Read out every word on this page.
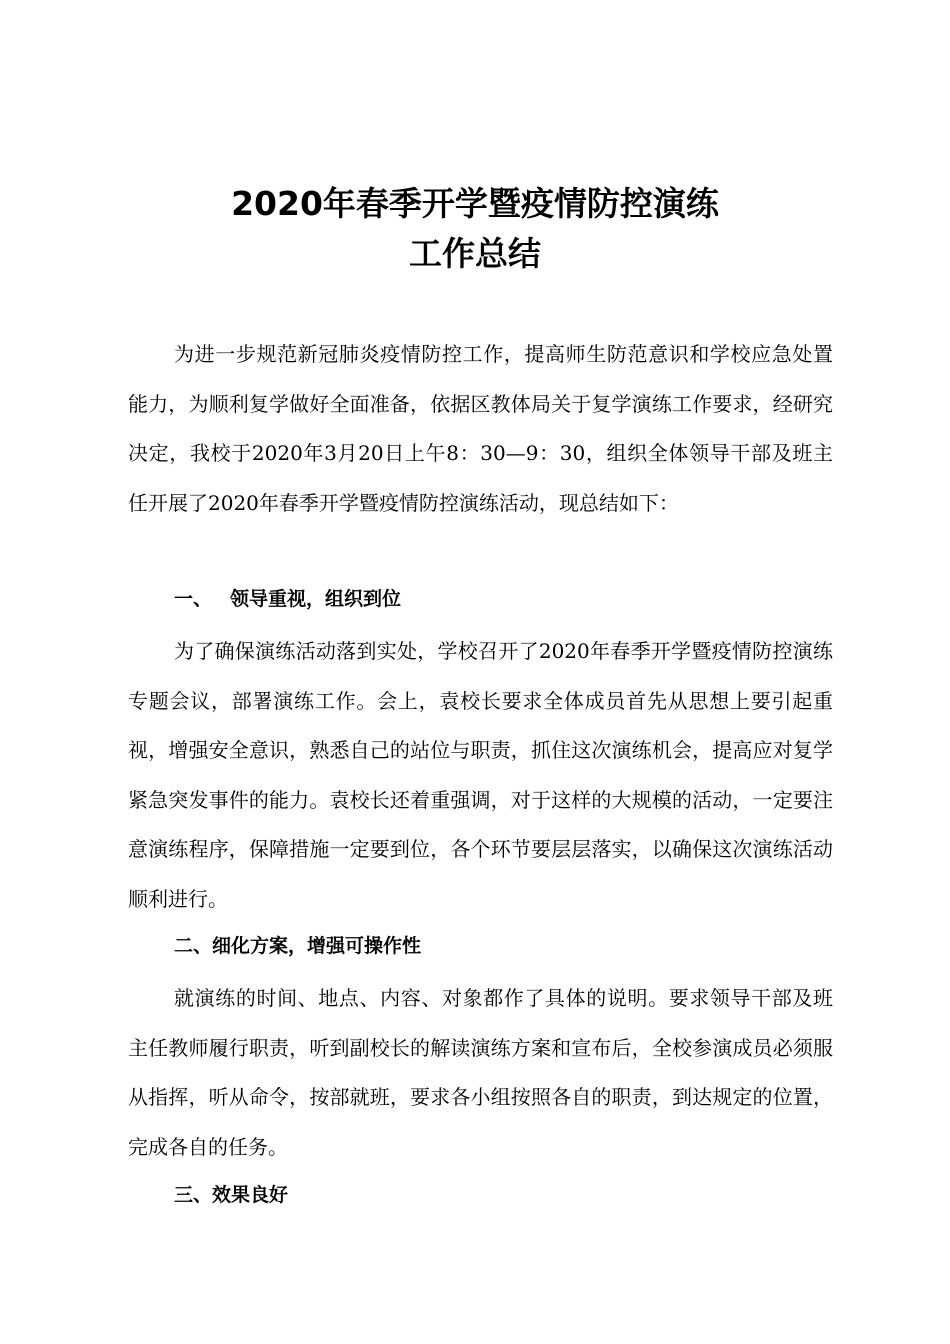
2020年春季开学暨疫情防控演练
工作总结

为进一步规范新冠肺炎疫情防控工作，提高师生防范意识和学校应急处置能力，为顺利复学做好全面准备，依据区教体局关于复学演练工作要求，经研究决定，我校于2020年3月20日上午8：30—9：30，组织全体领导干部及班主任开展了2020年春季开学暨疫情防控演练活动，现总结如下：

一、 领导重视，组织到位

为了确保演练活动落到实处，学校召开了2020年春季开学暨疫情防控演练专题会议，部署演练工作。会上，袁校长要求全体成员首先从思想上要引起重视，增强安全意识，熟悉自己的站位与职责，抓住这次演练机会，提高应对复学紧急突发事件的能力。袁校长还着重强调，对于这样的大规模的活动，一定要注意演练程序，保障措施一定要到位，各个环节要层层落实，以确保这次演练活动顺利进行。

二、细化方案，增强可操作性

就演练的时间、地点、内容、对象都作了具体的说明。要求领导干部及班主任教师履行职责，听到副校长的解读演练方案和宣布后，全校参演成员必须服从指挥，听从命令，按部就班，要求各小组按照各自的职责，到达规定的位置，完成各自的任务。

三、效果良好
